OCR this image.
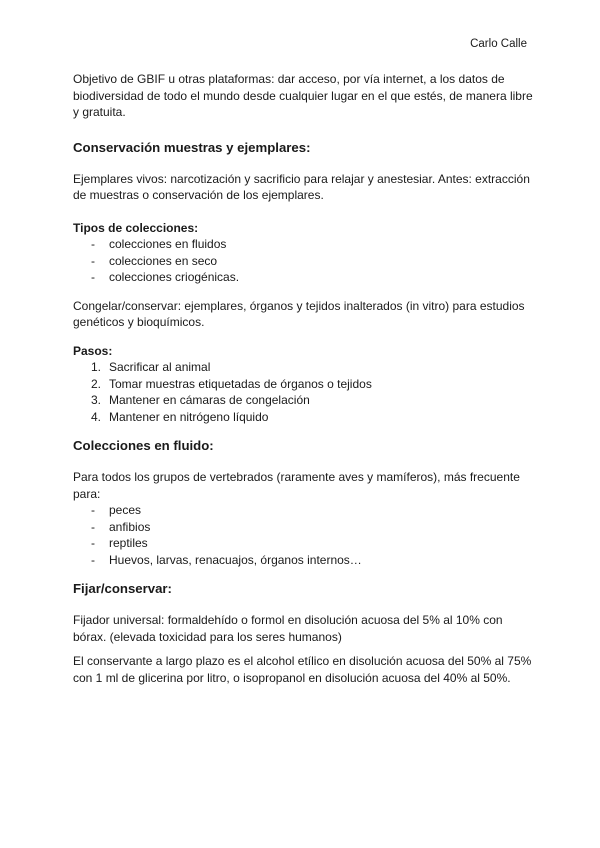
Carlo Calle

Objetivo de GBIF u otras plataformas: dar acceso, por vía internet, a los datos de biodiversidad de todo el mundo desde cualquier lugar en el que estés, de manera libre y gratuita.

Conservación muestras y ejemplares:

Ejemplares vivos: narcotización y sacrificio para relajar y anestesiar. Antes: extracción de muestras o conservación de los ejemplares.

Tipos de colecciones:

- colecciones en fluidos
- colecciones en seco
- colecciones criogénicas.

Congelar/conservar: ejemplares, órganos y tejidos inalterados (in vitro) para estudios genéticos y bioquímicos.

Pasos:

1. Sacrificar al animal
2. Tomar muestras etiquetadas de órganos o tejidos
3. Mantener en cámaras de congelación
4. Mantener en nitrógeno líquido

Colecciones en fluido:

Para todos los grupos de vertebrados (raramente aves y mamíferos), más frecuente para:

- peces
- anfibios
- reptiles
- Huevos, larvas, renacuajos, órganos internos…

Fijar/conservar:

Fijador universal: formaldehído o formol en disolución acuosa del 5% al 10% con bórax. (elevada toxicidad para los seres humanos)

El conservante a largo plazo es el alcohol etílico en disolución acuosa del 50% al 75% con 1 ml de glicerina por litro, o isopropanol en disolución acuosa del 40% al 50%.
